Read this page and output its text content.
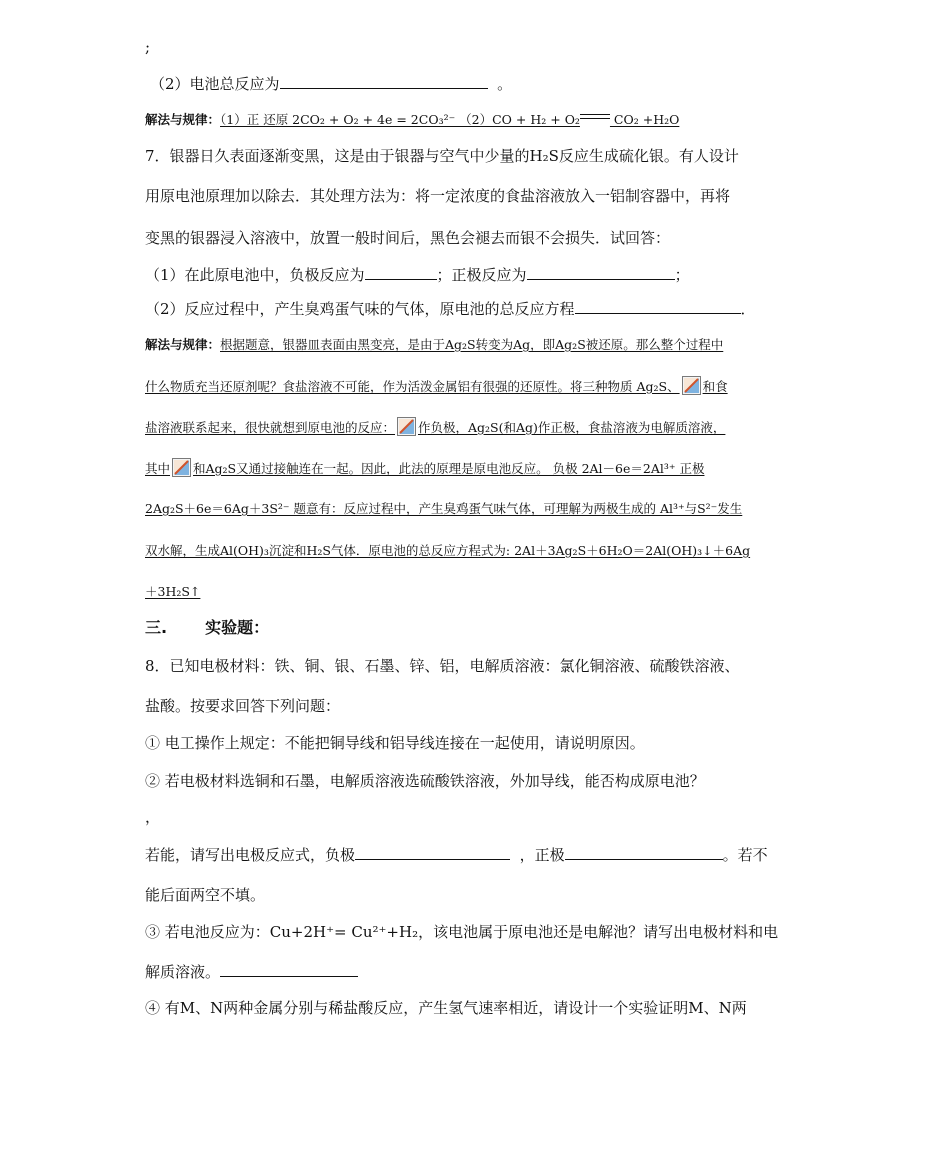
;
（2）电池总反应为	。
解法与规律：（1）正 还原 2CO₂ + O₂ + 4e = 2CO₃²⁻ （2）CO + H₂ + O₂ CO₂ +H₂O
7．银器日久表面逐渐变黑，这是由于银器与空气中少量的H₂S反应生成硫化银。有人设计
用原电池原理加以除去．其处理方法为：将一定浓度的食盐溶液放入一铝制容器中，再将
变黑的银器浸入溶液中，放置一般时间后，黑色会褪去而银不会损失．试回答：
（1）在此原电池中，负极反应为	；正极反应为	；
（2）反应过程中，产生臭鸡蛋气味的气体，原电池的总反应方程	．
解法与规律：根据题意，银器皿表面由黑变亮，是由于Ag₂S转变为Ag，即Ag₂S被还原。那么整个过程中
什么物质充当还原剂呢？食盐溶液不可能，作为活泼金属铝有很强的还原性。将三种物质 Ag₂S、 和食
盐溶液联系起来，很快就想到原电池的反应： 作负极，Ag₂S(和Ag)作正极，食盐溶液为电解质溶液，
其中 和Ag₂S又通过接触连在一起。因此，此法的原理是原电池反应。 负极 2Al－6e＝2Al³⁺ 正极
2Ag₂S＋6e＝6Ag＋3S²⁻ 题意有：反应过程中，产生臭鸡蛋气味气体，可理解为两极生成的 Al³⁺与S²⁻发生
双水解，生成Al(OH)₃沉淀和H₂S气体．原电池的总反应方程式为: 2Al＋3Ag₂S＋6H₂O＝2Al(OH)₃↓＋6Ag
＋3H₂S↑
三. 实验题：
8．已知电极材料：铁、铜、银、石墨、锌、铝，电解质溶液：氯化铜溶液、硫酸铁溶液、
盐酸。按要求回答下列问题：
① 电工操作上规定：不能把铜导线和铝导线连接在一起使用，请说明原因。
② 若电极材料选铜和石墨，电解质溶液选硫酸铁溶液，外加导线，能否构成原电池？
，
若能，请写出电极反应式，负极	，正极	。若不
能后面两空不填。
③ 若电池反应为：Cu+2H⁺= Cu²⁺+H₂，该电池属于原电池还是电解池？请写出电极材料和电
解质溶液。
④ 有M、N两种金属分别与稀盐酸反应，产生氢气速率相近，请设计一个实验证明M、N两
